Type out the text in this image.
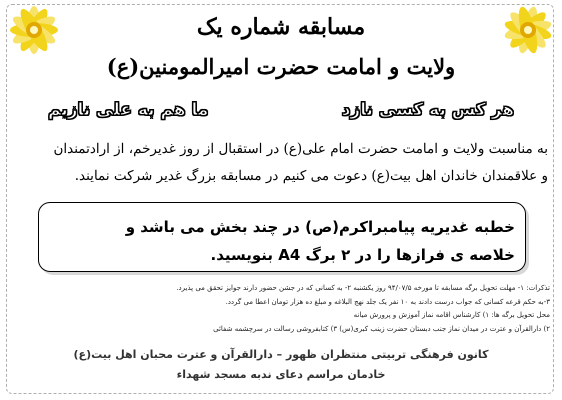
مسابقه شماره یک
ولایت و امامت حضرت امیرالمومنین(ع)
هر کس به کسی نازد
ما هم به علی نازیم
به مناسبت ولایت و امامت حضرت امام علی(ع) در استقبال از روز غدیرخم، از ارادتمندان
و علاقمندان خاندان اهل بیت(ع) دعوت می کنیم در مسابقه بزرگ غدیر شرکت نمایند.
خطبه غدیریه پیامبراکرم(ص) در چند بخش می باشد و
خلاصه ی فرازها را در ۲ برگ A4 بنویسید.
تذکرات: ۱- مهلت تحویل برگه مسابقه تا مورخه ۹۴/۰۷/۵ روز یکشنبه ۲- به کسانی که در جشن حضور دارند جوایز تحقق می پذیرد.
۳-به حکم قرعه کسانی که جواب درست دادند به ۱۰ نفر یک جلد نهج البلاغه و مبلغ ده هزار تومان اعطا می گردد.
محل تحویل برگه ها: ۱) کارشناس اقامه نماز آموزش و پرورش میانه
۲) دارالقرآن و عترت در میدان نماز جنب دبستان حضرت زینب کبری(س) ۳) کتابفروشی رسالت در سرچشمه شفائی
کانون فرهنگی تربیتی منتظران ظهور – دارالقرآن و عترت محبان اهل بیت(ع)
خادمان مراسم دعای ندبه مسجد شهداء
